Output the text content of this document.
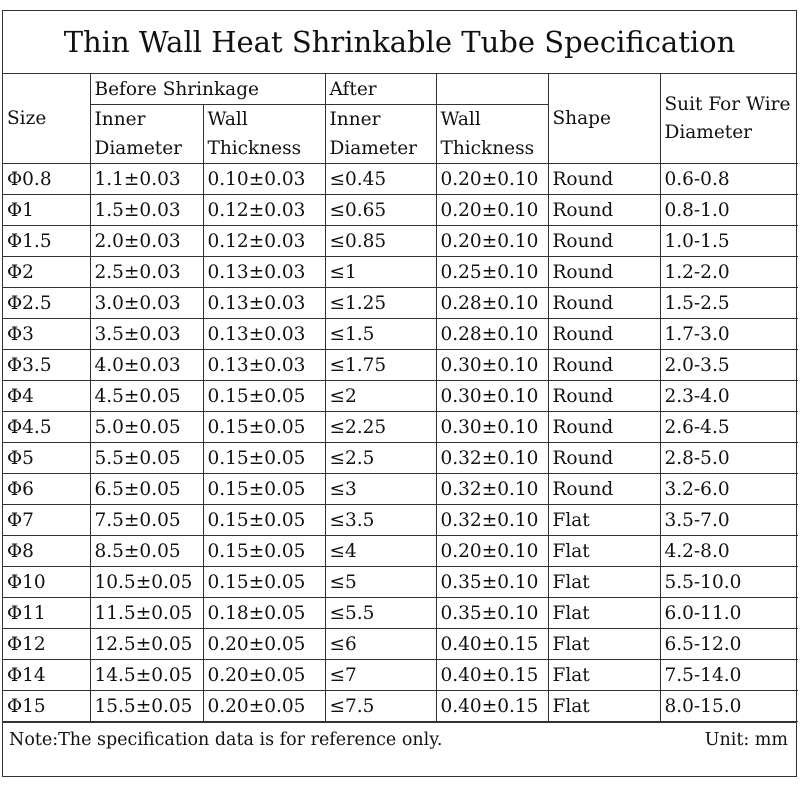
Thin Wall Heat Shrinkable Tube Specification
Size	Before Shrinkage		After		Shape	Suit For Wire Diameter
	Inner Diameter	Wall Thickness	Inner Diameter	Wall Thickness		
Φ0.8	1.1±0.03	0.10±0.03	≤0.45	0.20±0.10	Round	0.6-0.8
Φ1	1.5±0.03	0.12±0.03	≤0.65	0.20±0.10	Round	0.8-1.0
Φ1.5	2.0±0.03	0.12±0.03	≤0.85	0.20±0.10	Round	1.0-1.5
Φ2	2.5±0.03	0.13±0.03	≤1	0.25±0.10	Round	1.2-2.0
Φ2.5	3.0±0.03	0.13±0.03	≤1.25	0.28±0.10	Round	1.5-2.5
Φ3	3.5±0.03	0.13±0.03	≤1.5	0.28±0.10	Round	1.7-3.0
Φ3.5	4.0±0.03	0.13±0.03	≤1.75	0.30±0.10	Round	2.0-3.5
Φ4	4.5±0.05	0.15±0.05	≤2	0.30±0.10	Round	2.3-4.0
Φ4.5	5.0±0.05	0.15±0.05	≤2.25	0.30±0.10	Round	2.6-4.5
Φ5	5.5±0.05	0.15±0.05	≤2.5	0.32±0.10	Round	2.8-5.0
Φ6	6.5±0.05	0.15±0.05	≤3	0.32±0.10	Round	3.2-6.0
Φ7	7.5±0.05	0.15±0.05	≤3.5	0.32±0.10	Flat	3.5-7.0
Φ8	8.5±0.05	0.15±0.05	≤4	0.20±0.10	Flat	4.2-8.0
Φ10	10.5±0.05	0.15±0.05	≤5	0.35±0.10	Flat	5.5-10.0
Φ11	11.5±0.05	0.18±0.05	≤5.5	0.35±0.10	Flat	6.0-11.0
Φ12	12.5±0.05	0.20±0.05	≤6	0.40±0.15	Flat	6.5-12.0
Φ14	14.5±0.05	0.20±0.05	≤7	0.40±0.15	Flat	7.5-14.0
Φ15	15.5±0.05	0.20±0.05	≤7.5	0.40±0.15	Flat	8.0-15.0
Note:The specification data is for reference only.	Unit: mm
